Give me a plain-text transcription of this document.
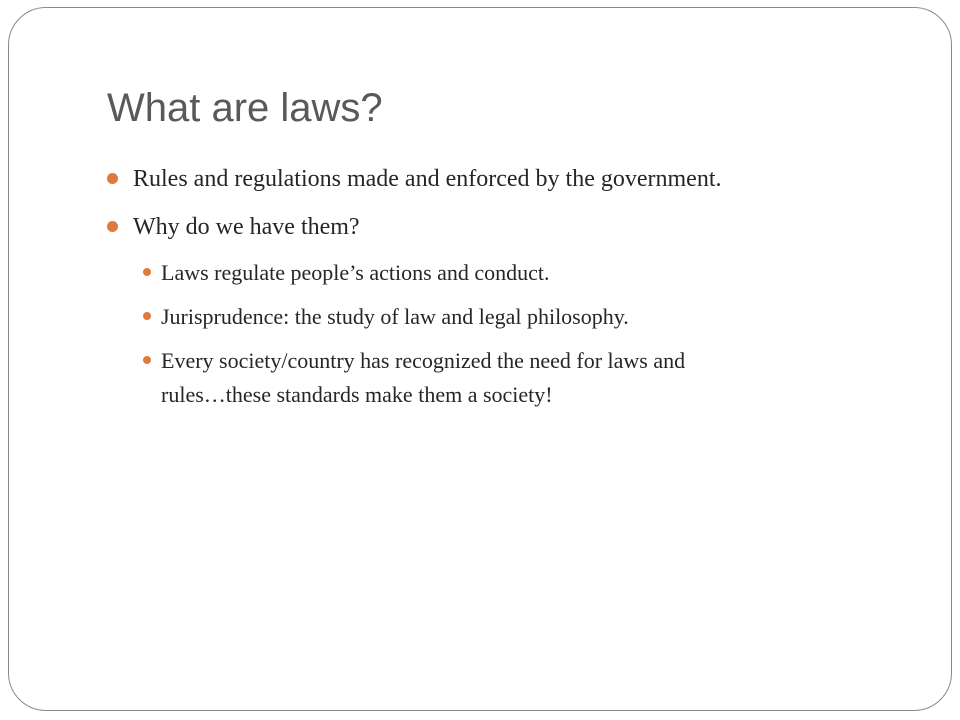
What are laws?
Rules and regulations made and enforced by the government.
Why do we have them?
Laws regulate people’s actions and conduct.
Jurisprudence: the study of law and legal philosophy.
Every society/country has recognized the need for laws and
rules…these standards make them a society!
